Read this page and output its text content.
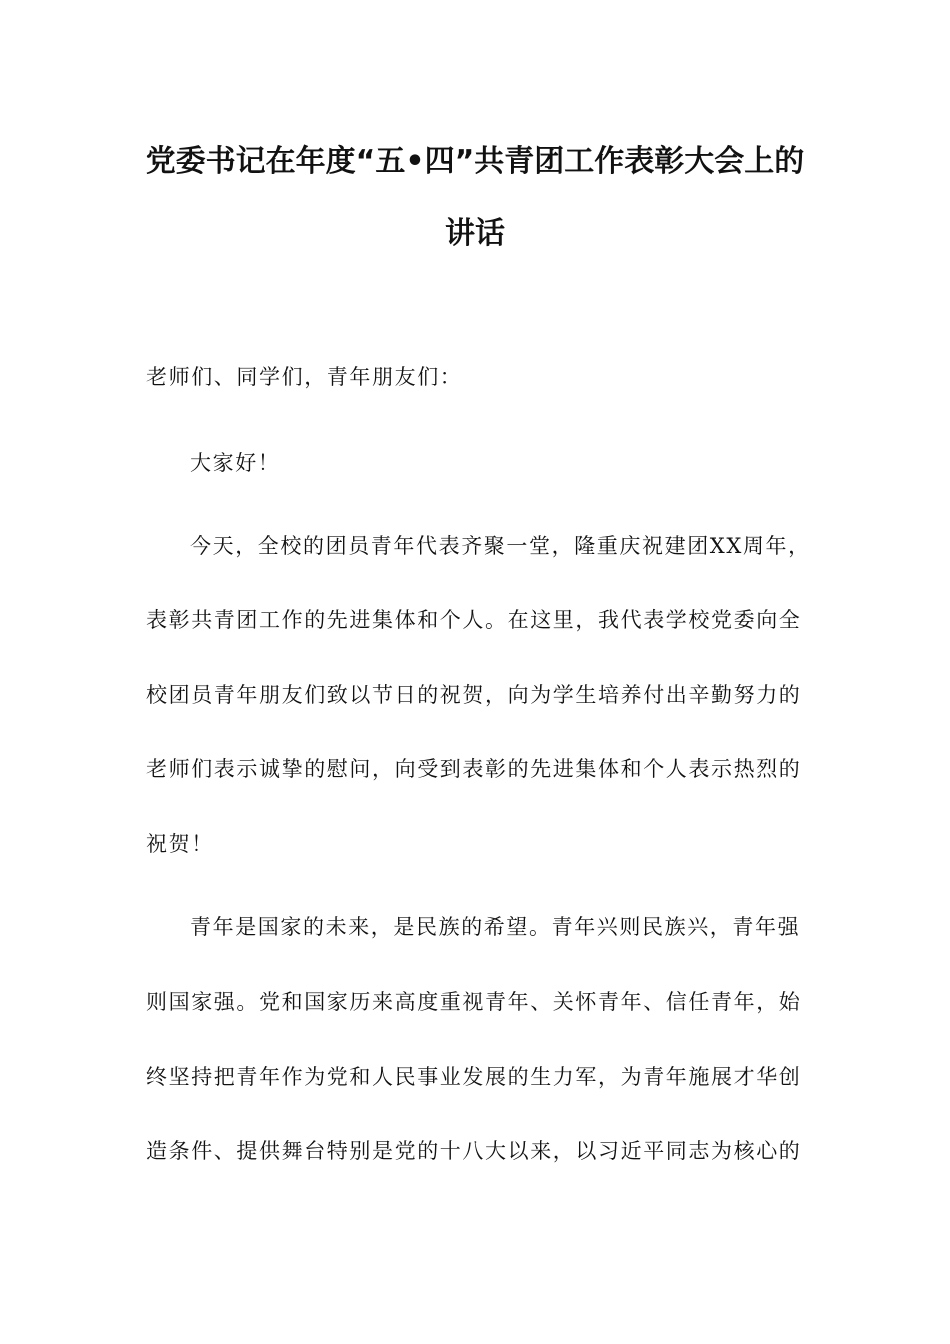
党委书记在年度“五•四”共青团工作表彰大会上的
讲话
老师们、同学们，青年朋友们：
大家好！
今天，全校的团员青年代表齐聚一堂，隆重庆祝建团XX周年，
表彰共青团工作的先进集体和个人。在这里，我代表学校党委向全
校团员青年朋友们致以节日的祝贺，向为学生培养付出辛勤努力的
老师们表示诚挚的慰问，向受到表彰的先进集体和个人表示热烈的
祝贺！
青年是国家的未来，是民族的希望。青年兴则民族兴，青年强
则国家强。党和国家历来高度重视青年、关怀青年、信任青年，始
终坚持把青年作为党和人民事业发展的生力军，为青年施展才华创
造条件、提供舞台特别是党的十八大以来，以习近平同志为核心的
